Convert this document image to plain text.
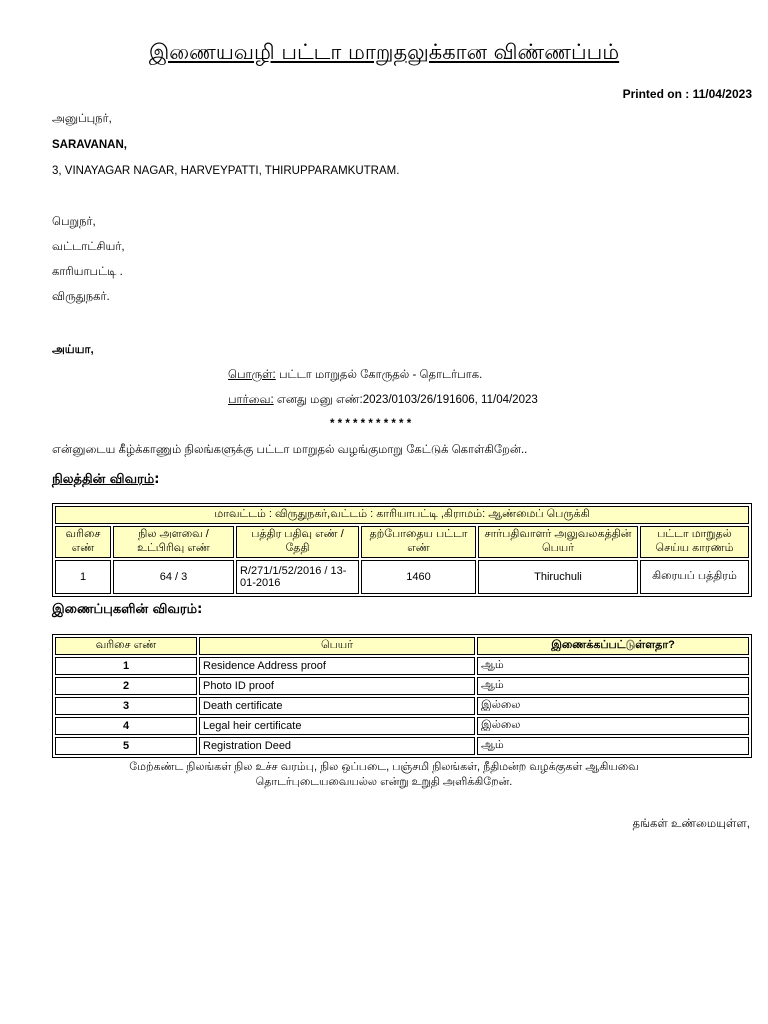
இணையவழி பட்டா மாறுதலுக்கான விண்ணப்பம்
Printed on : 11/04/2023
அனுப்புநர்,
SARAVANAN,
3, VINAYAGAR NAGAR, HARVEYPATTI, THIRUPPARAMKUTRAM.
பெறுநர்,
வட்டாட்சியர்,
காரியாபட்டி .
விருதுநகர்.
அய்யா,
பொருள்: பட்டா மாறுதல் கோருதல் - தொடர்பாக.
பார்வை: எனது மனு எண்:2023/0103/26/191606, 11/04/2023
* * * * * * * * * * *
என்னுடைய கீழ்க்காணும் நிலங்களுக்கு பட்டா மாறுதல் வழங்குமாறு கேட்டுக் கொள்கிறேன்..
நிலத்தின் விவரம்:
மாவட்டம் : விருதுநகர்,வட்டம் : காரியாபட்டி ,கிராமம்: ஆண்மைப் பெருக்கி					
வரிசை எண்	நில அளவை /உட்பிரிவு எண்	பத்திர பதிவு எண் / தேதி	தற்போதைய பட்டா எண்	சார்பதிவாளர் அலுவலகத்தின் பெயர்	பட்டா மாறுதல் செய்ய காரணம்
1	64 / 3	R/271/1/52/2016 / 13-01-2016	1460	Thiruchuli	கிரையப் பத்திரம்
இணைப்புகளின் விவரம்:
வரிசை எண்	பெயர்	இணைக்கப்பட்டுள்ளதா?
1	Residence Address proof	ஆம்
2	Photo ID proof	ஆம்
3	Death certificate	இல்லை
4	Legal heir certificate	இல்லை
5	Registration Deed	ஆம்
மேற்கண்ட நிலங்கள் நில உச்ச வரம்பு, நில ஒப்படை, பஞ்சமி நிலங்கள், நீதிமன்ற வழக்குகள் ஆகியவை
தொடர்புடையவையல்ல என்று உறுதி அளிக்கிறேன்.
தங்கள் உண்மையுள்ள,
